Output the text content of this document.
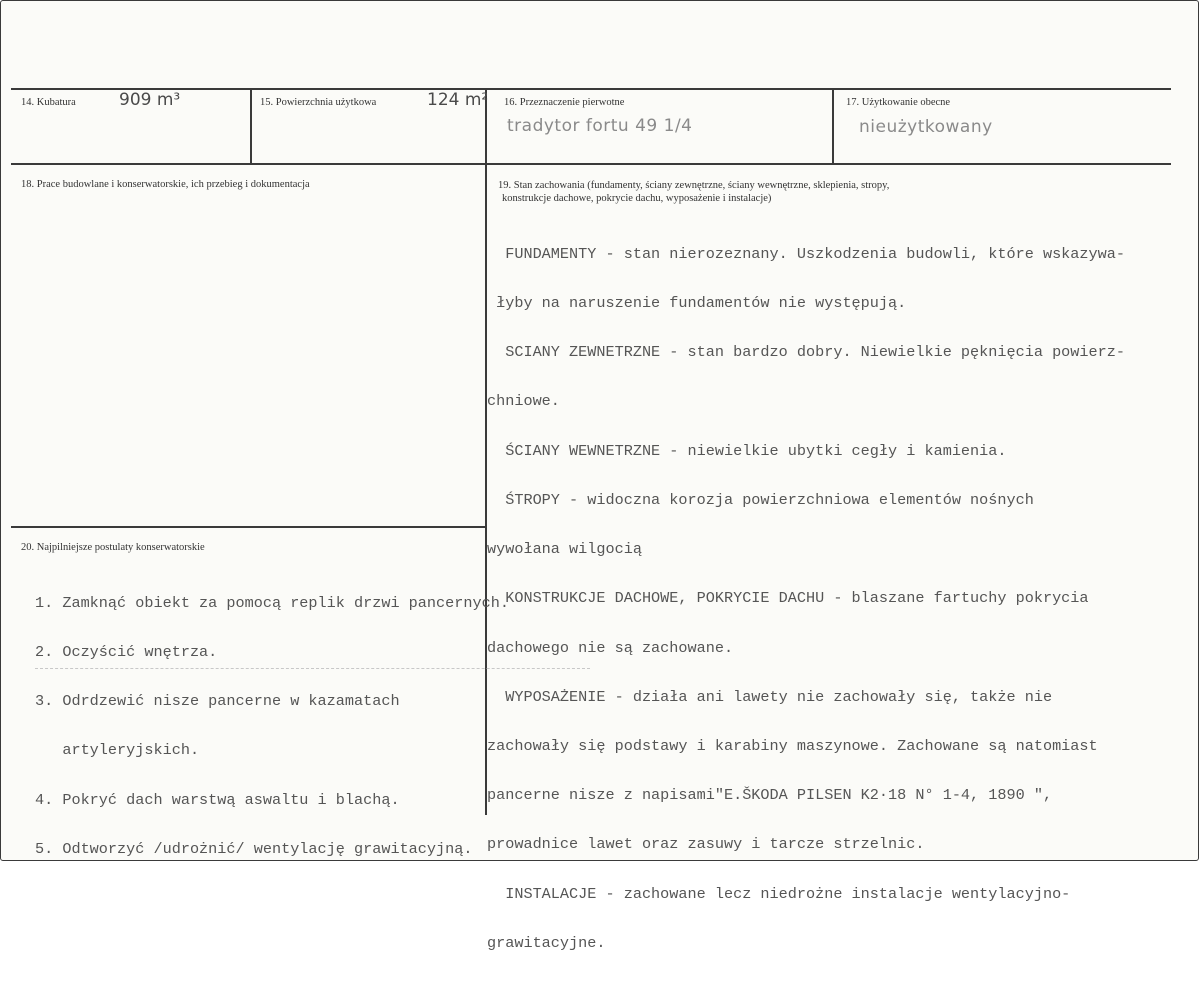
14. Kubatura	909 m³	15. Powierzchnia użytkowa	124 m² 16. Przeznaczenie pierwotne
tradytor fortu 49 1/4
17. Użytkowanie obecne
nieużytkowany
18. Prace budowlane i konserwatorskie, ich przebieg i dokumentacja	19. Stan zachowania (fundamenty, ściany zewnętrzne, ściany wewnętrzne, sklepienia, stropy,
konstrukcje dachowe, pokrycie dachu, wyposażenie i instalacje)

FUNDAMENTY - stan nierozeznany. Uszkodzenia budowli, które wskazywa-

łyby na naruszenie fundamentów nie występują.

SCIANY ZEWNETRZNE - stan bardzo dobry. Niewielkie pęknięcia powierz-

chniowe.

ŚCIANY WEWNETRZNE - niewielkie ubytki cegły i kamienia.

ŚTROPY - widoczna korozja powierzchniowa elementów nośnych

wywołana wilgocią

KONSTRUKCJE DACHOWE, POKRYCIE DACHU - blaszane fartuchy pokrycia

dachowego nie są zachowane.

WYPOSAŻENIE - działa ani lawety nie zachowały się, także nie

zachowały się podstawy i karabiny maszynowe. Zachowane są natomiast

pancerne nisze z napisami"E.ŠKODA PILSEN K2·18 N° 1-4, 1890 ",

prowadnice lawet oraz zasuwy i tarcze strzelnic.

INSTALACJE - zachowane lecz niedrożne instalacje wentylacyjno-

grawitacyjne.

20. Najpilniejsze postulaty konserwatorskie

1. Zamknąć obiekt za pomocą replik drzwi pancernych.

2. Oczyścić wnętrza.

3. Odrdzewić nisze pancerne w kazamatach

artyleryjskich.

4. Pokryć dach warstwą aswaltu i blachą.

5. Odtworzyć /udrożnić/ wentylację grawitacyjną.
